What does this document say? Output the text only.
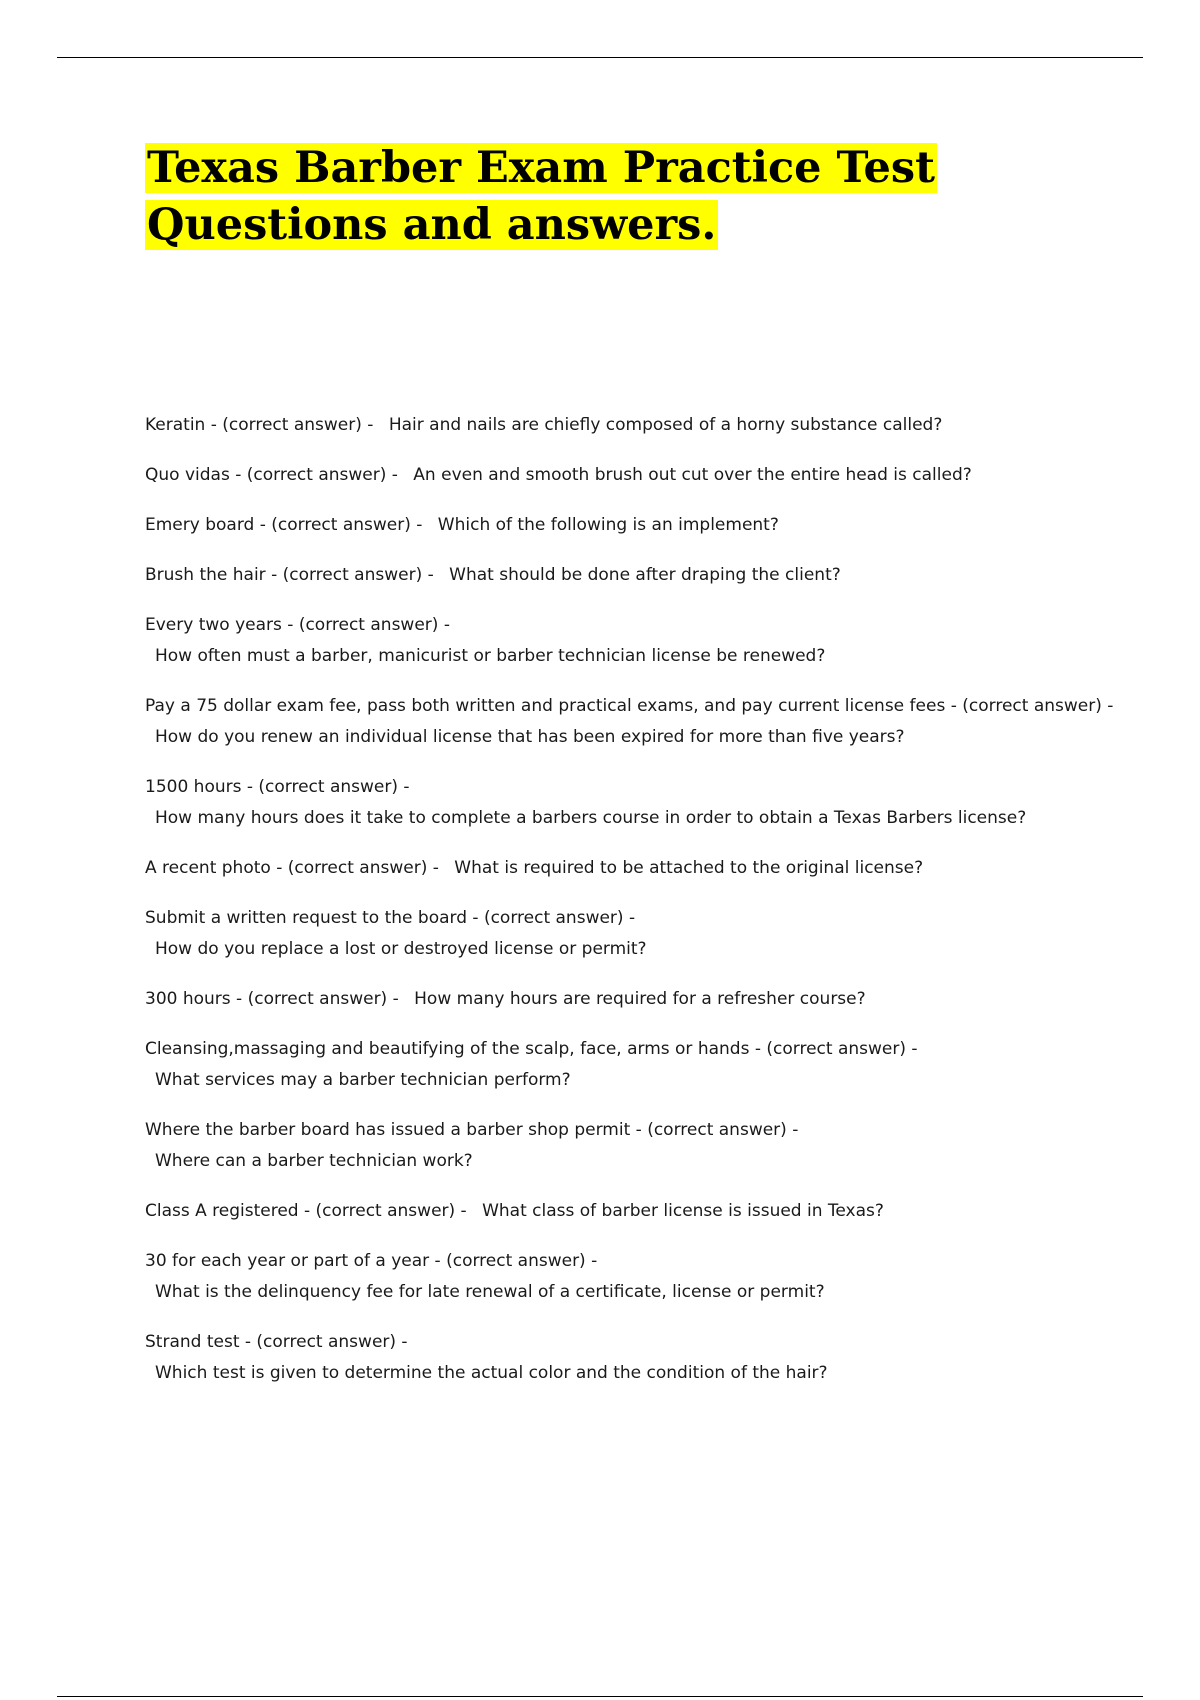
Texas Barber Exam Practice Test Questions and answers.

Keratin - (correct answer) - Hair and nails are chiefly composed of a horny substance called?

Quo vidas - (correct answer) - An even and smooth brush out cut over the entire head is called?

Emery board - (correct answer) - Which of the following is an implement?

Brush the hair - (correct answer) - What should be done after draping the client?

Every two years - (correct answer) -
How often must a barber, manicurist or barber technician license be renewed?

Pay a 75 dollar exam fee, pass both written and practical exams, and pay current license fees - (correct answer) -
How do you renew an individual license that has been expired for more than five years?

1500 hours - (correct answer) -
How many hours does it take to complete a barbers course in order to obtain a Texas Barbers license?

A recent photo - (correct answer) - What is required to be attached to the original license?

Submit a written request to the board - (correct answer) -
How do you replace a lost or destroyed license or permit?

300 hours - (correct answer) - How many hours are required for a refresher course?

Cleansing,massaging and beautifying of the scalp, face, arms or hands - (correct answer) -
What services may a barber technician perform?

Where the barber board has issued a barber shop permit - (correct answer) -
Where can a barber technician work?

Class A registered - (correct answer) - What class of barber license is issued in Texas?

30 for each year or part of a year - (correct answer) -
What is the delinquency fee for late renewal of a certificate, license or permit?

Strand test - (correct answer) -
Which test is given to determine the actual color and the condition of the hair?
